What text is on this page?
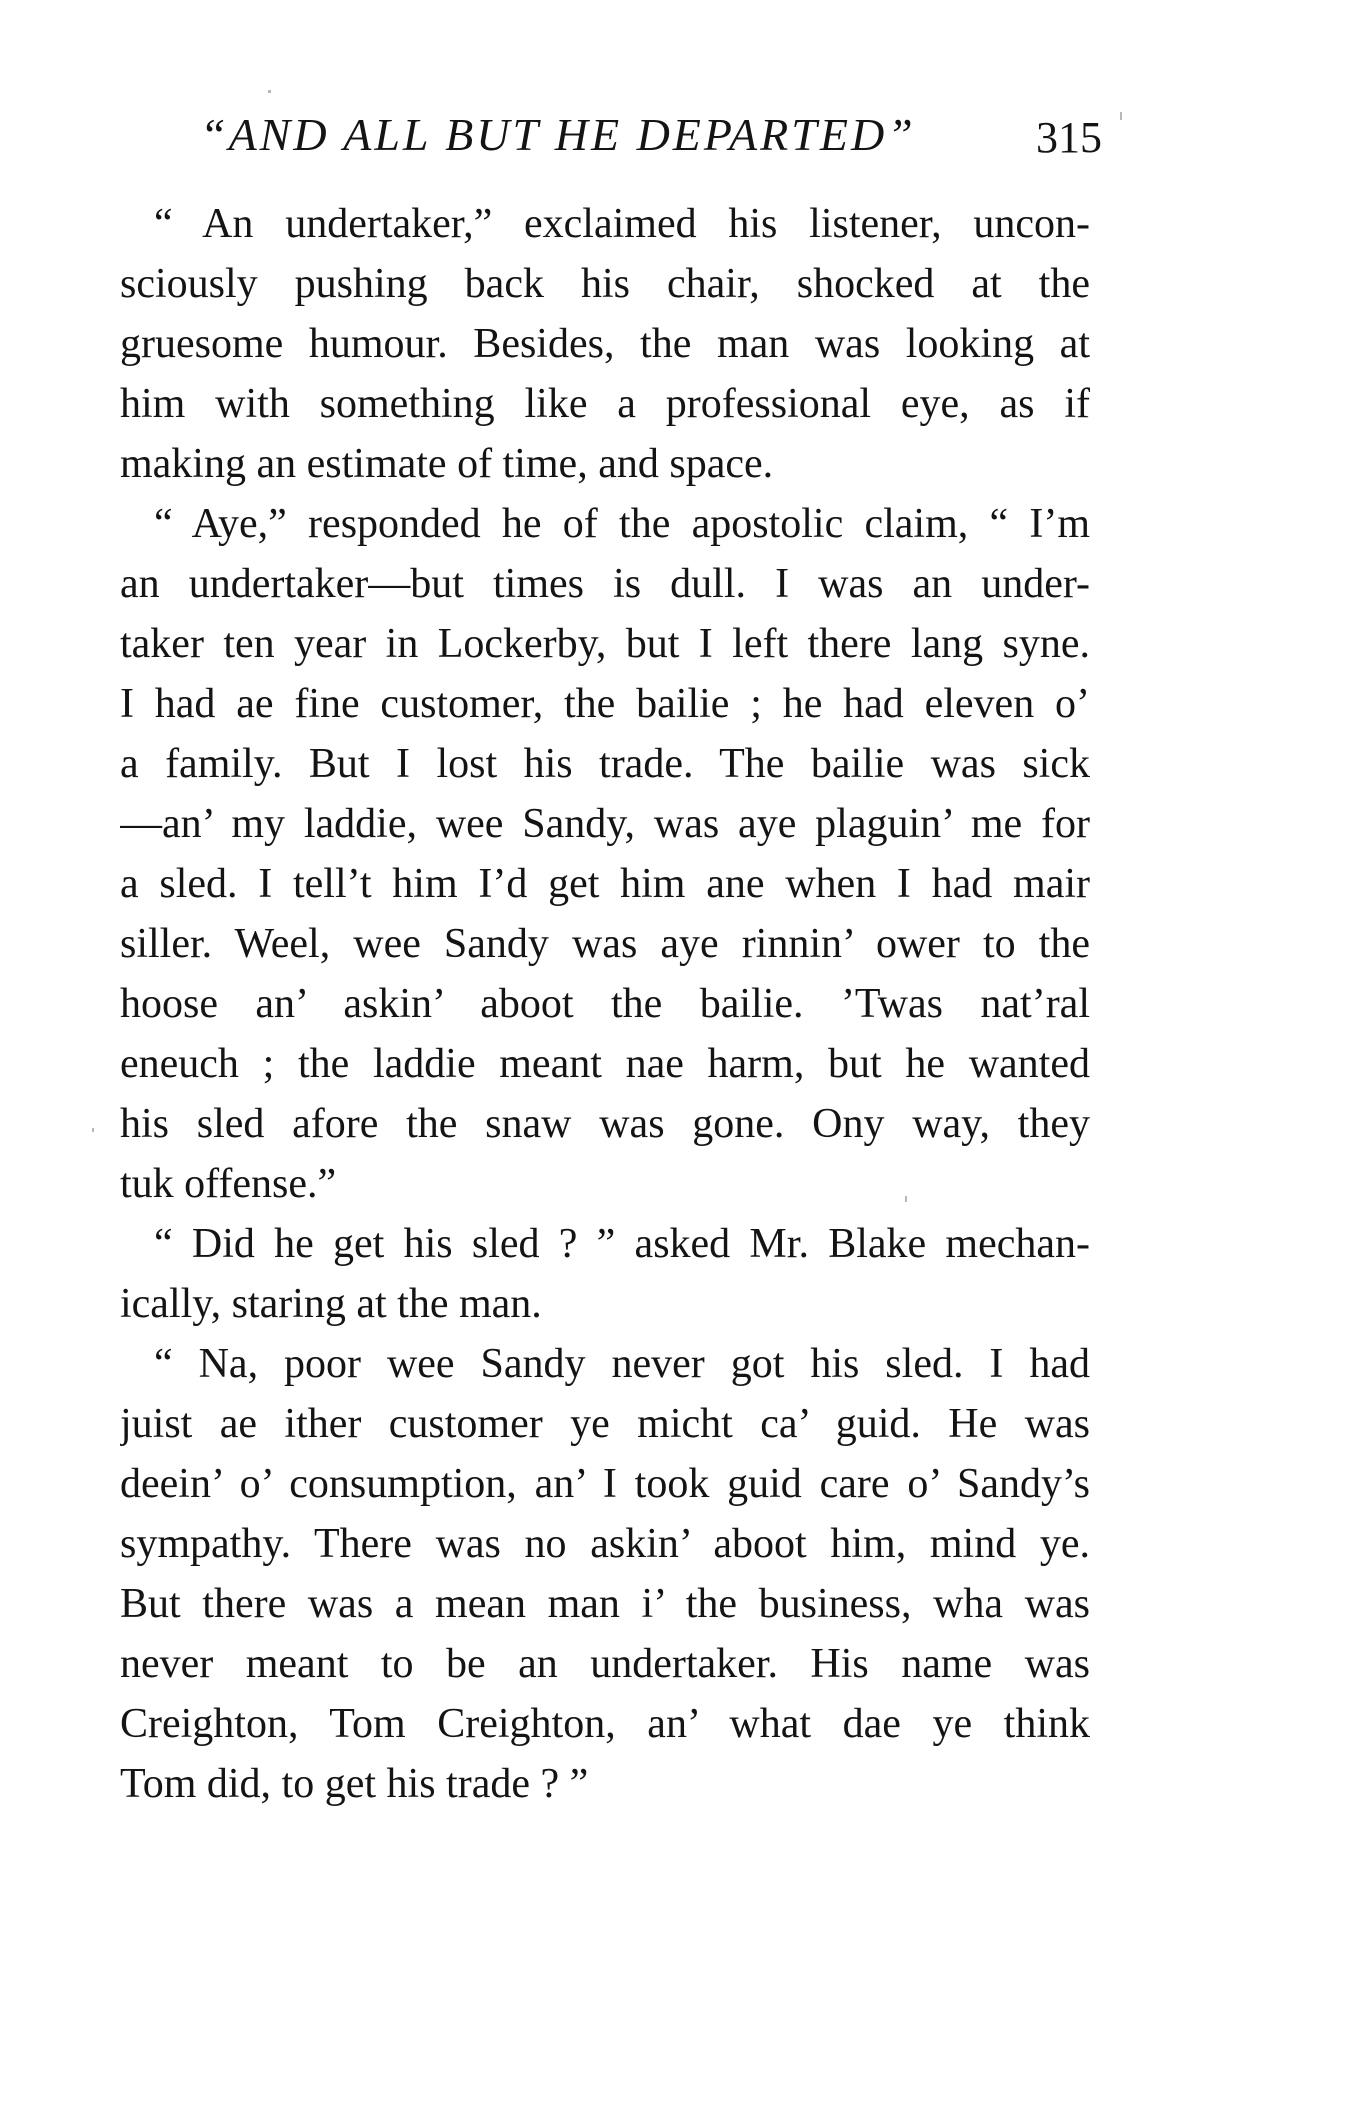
“AND ALL BUT HE DEPARTED”	315
“ An undertaker,” exclaimed his listener, uncon-
sciously pushing back his chair, shocked at the
gruesome humour. Besides, the man was looking at
him with something like a professional eye, as if
making an estimate of time, and space.
“ Aye,” responded he of the apostolic claim, “ I’m
an undertaker—but times is dull. I was an under-
taker ten year in Lockerby, but I left there lang syne.
I had ae fine customer, the bailie ; he had eleven o’
a family. But I lost his trade. The bailie was sick
—an’ my laddie, wee Sandy, was aye plaguin’ me for
a sled. I tell’t him I’d get him ane when I had mair
siller. Weel, wee Sandy was aye rinnin’ ower to the
hoose an’ askin’ aboot the bailie. ’Twas nat’ral
eneuch ; the laddie meant nae harm, but he wanted
his sled afore the snaw was gone. Ony way, they
tuk offense.”
“ Did he get his sled ? ” asked Mr. Blake mechan-
ically, staring at the man.
“ Na, poor wee Sandy never got his sled. I had
juist ae ither customer ye micht ca’ guid. He was
deein’ o’ consumption, an’ I took guid care o’ Sandy’s
sympathy. There was no askin’ aboot him, mind ye.
But there was a mean man i’ the business, wha was
never meant to be an undertaker. His name was
Creighton, Tom Creighton, an’ what dae ye think
Tom did, to get his trade ? ”
